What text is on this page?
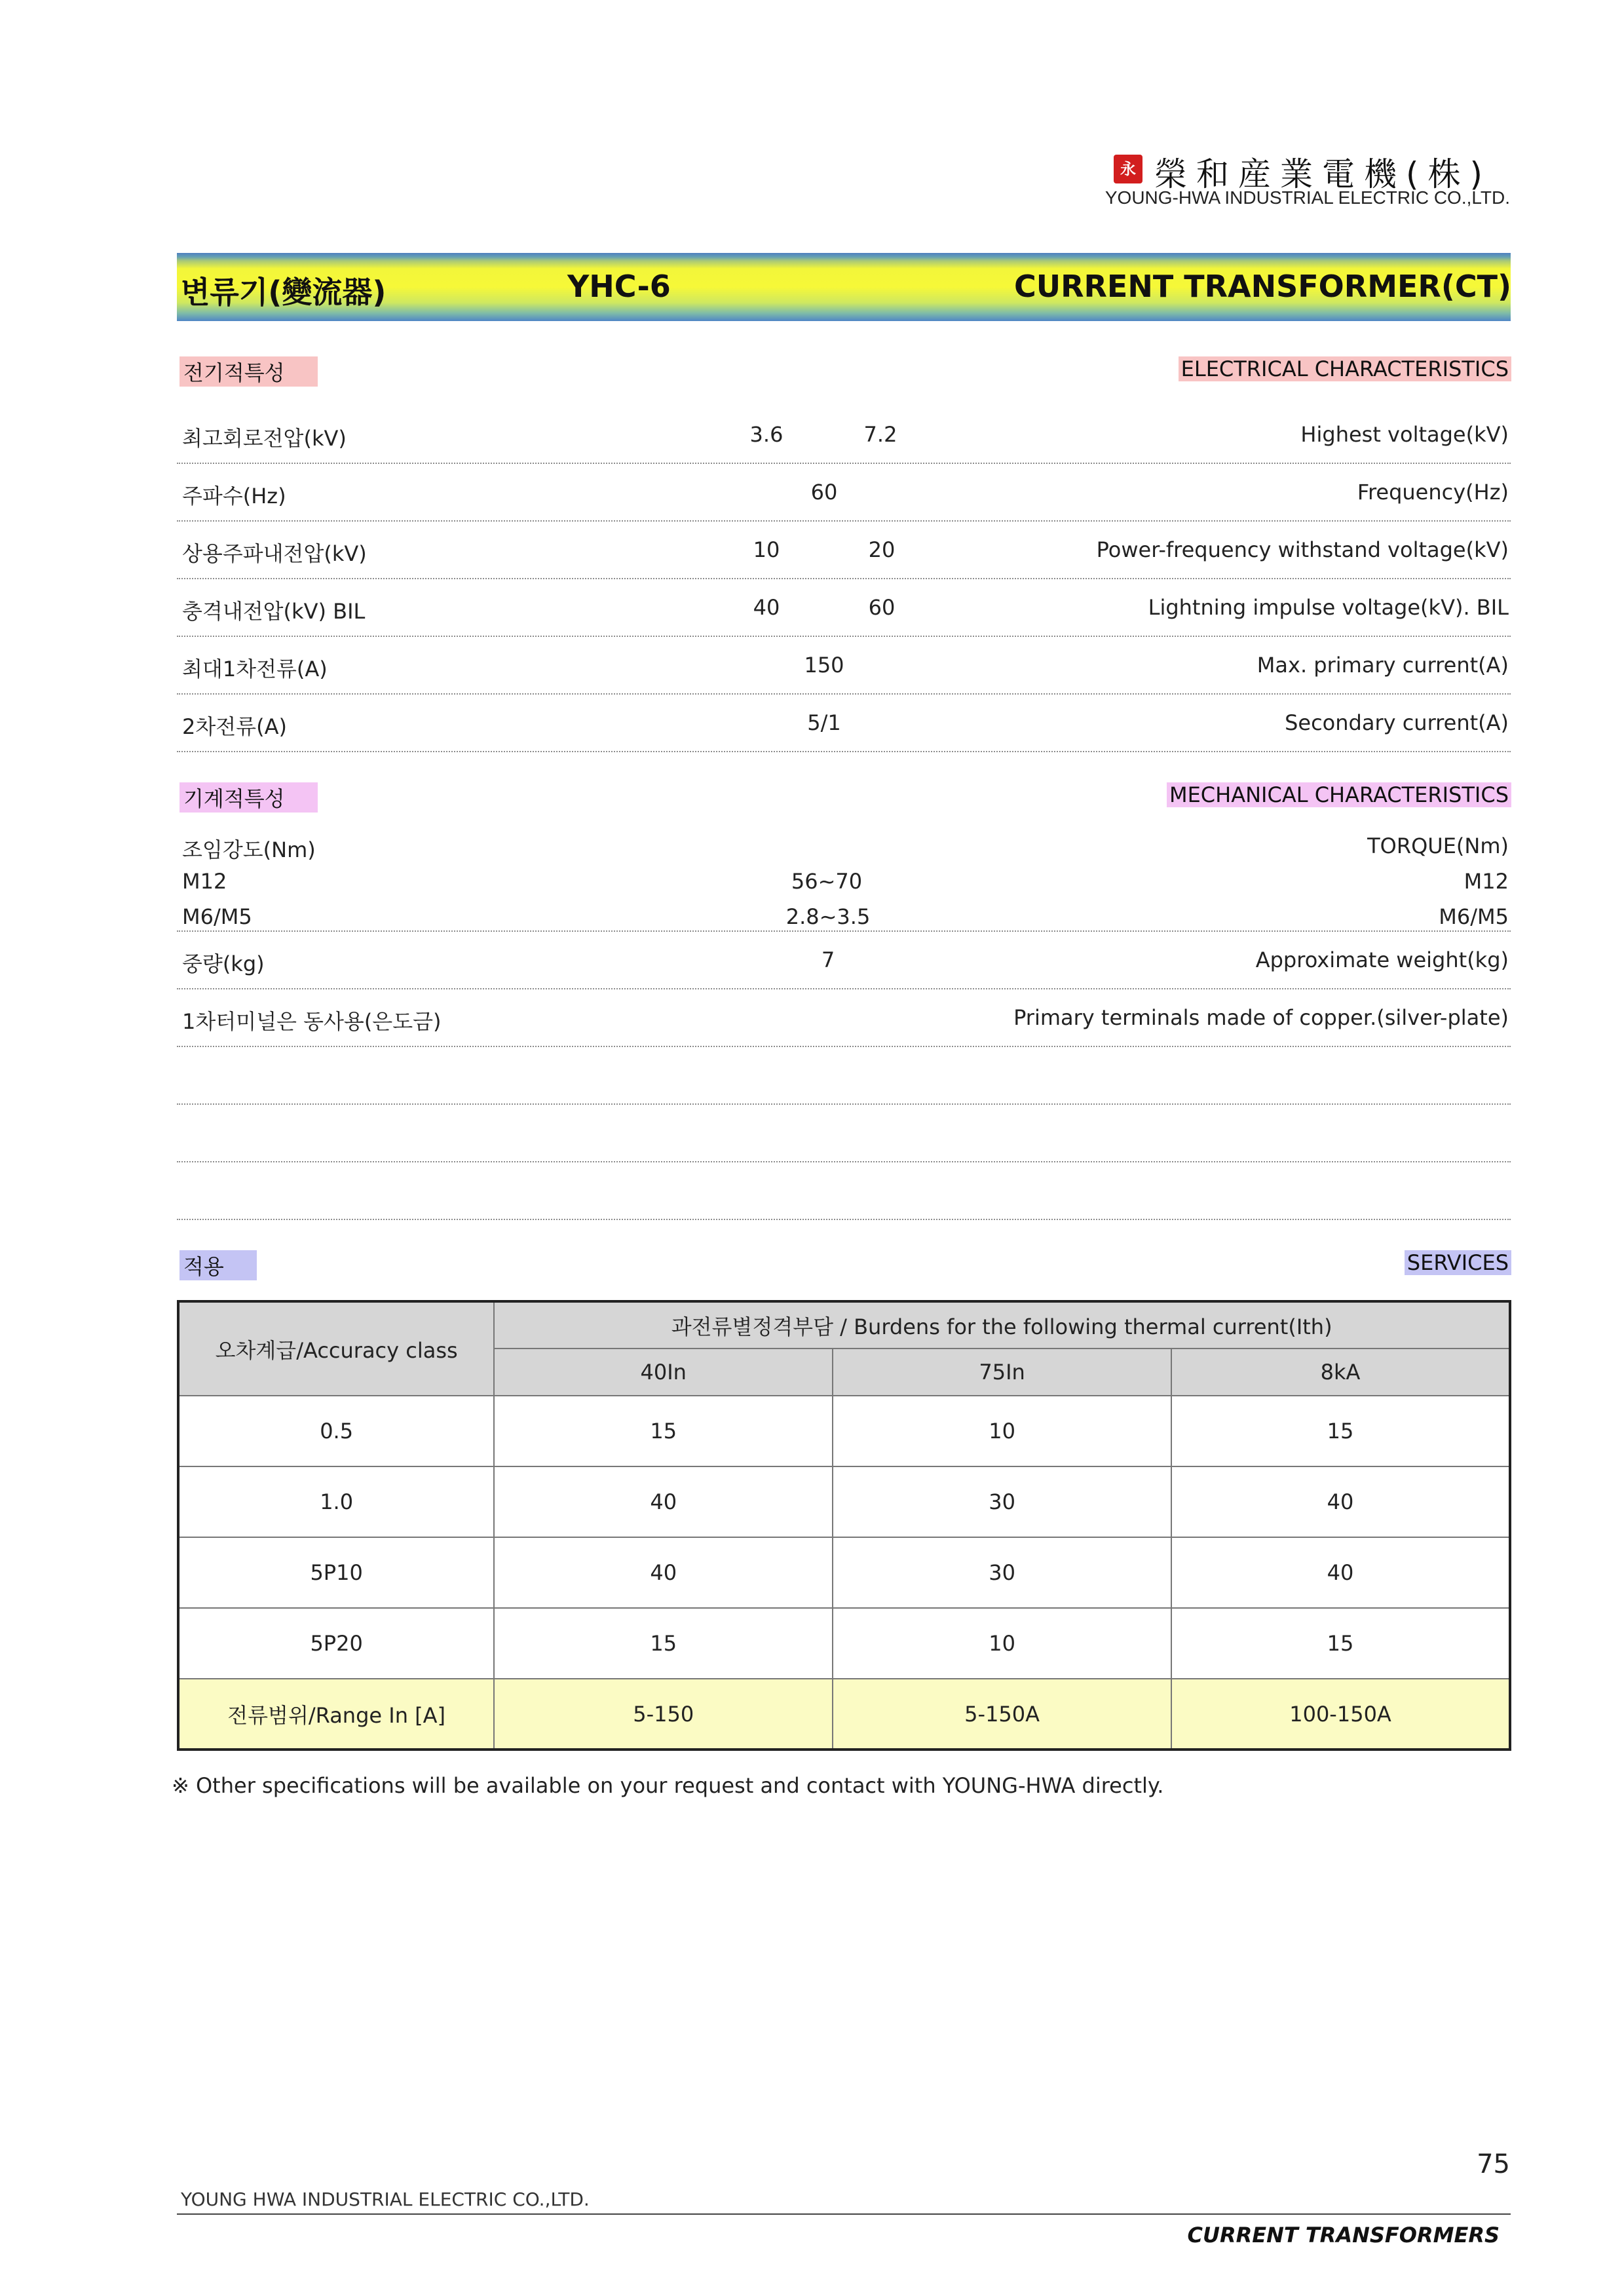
永 榮和産業電機(株)
YOUNG-HWA INDUSTRIAL ELECTRIC CO.,LTD.
변류기(變流器)	YHC-6	CURRENT TRANSFORMER(CT)
전기적특성	ELECTRICAL CHARACTERISTICS
최고회로전압(kV)	3.6	7.2	Highest voltage(kV)
주파수(Hz)	60	Frequency(Hz)
상용주파내전압(kV)	10	20	Power-frequency withstand voltage(kV)
충격내전압(kV) BIL	40	60	Lightning impulse voltage(kV). BIL
최대1차전류(A)	150	Max. primary current(A)
2차전류(A)	5/1	Secondary current(A)
기계적특성	MECHANICAL CHARACTERISTICS
조임강도(Nm)	TORQUE(Nm)
M12	56~70	M12
M6/M5	2.8~3.5	M6/M5
중량(kg)	7	Approximate weight(kg)
1차터미널은 동사용(은도금)	Primary terminals made of copper.(silver-plate)
적용	SERVICES
오차계급/Accuracy class	과전류별정격부담 / Burdens for the following thermal current(Ith)		
	40In	75In	8kA
0.5	15	10	15
1.0	40	30	40
5P10	40	30	40
5P20	15	10	15
전류범위/Range In [A]	5-150	5-150A	100-150A
※ Other specifications will be available on your request and contact with YOUNG-HWA directly.
75
YOUNG HWA INDUSTRIAL ELECTRIC CO.,LTD.
CURRENT TRANSFORMERS
